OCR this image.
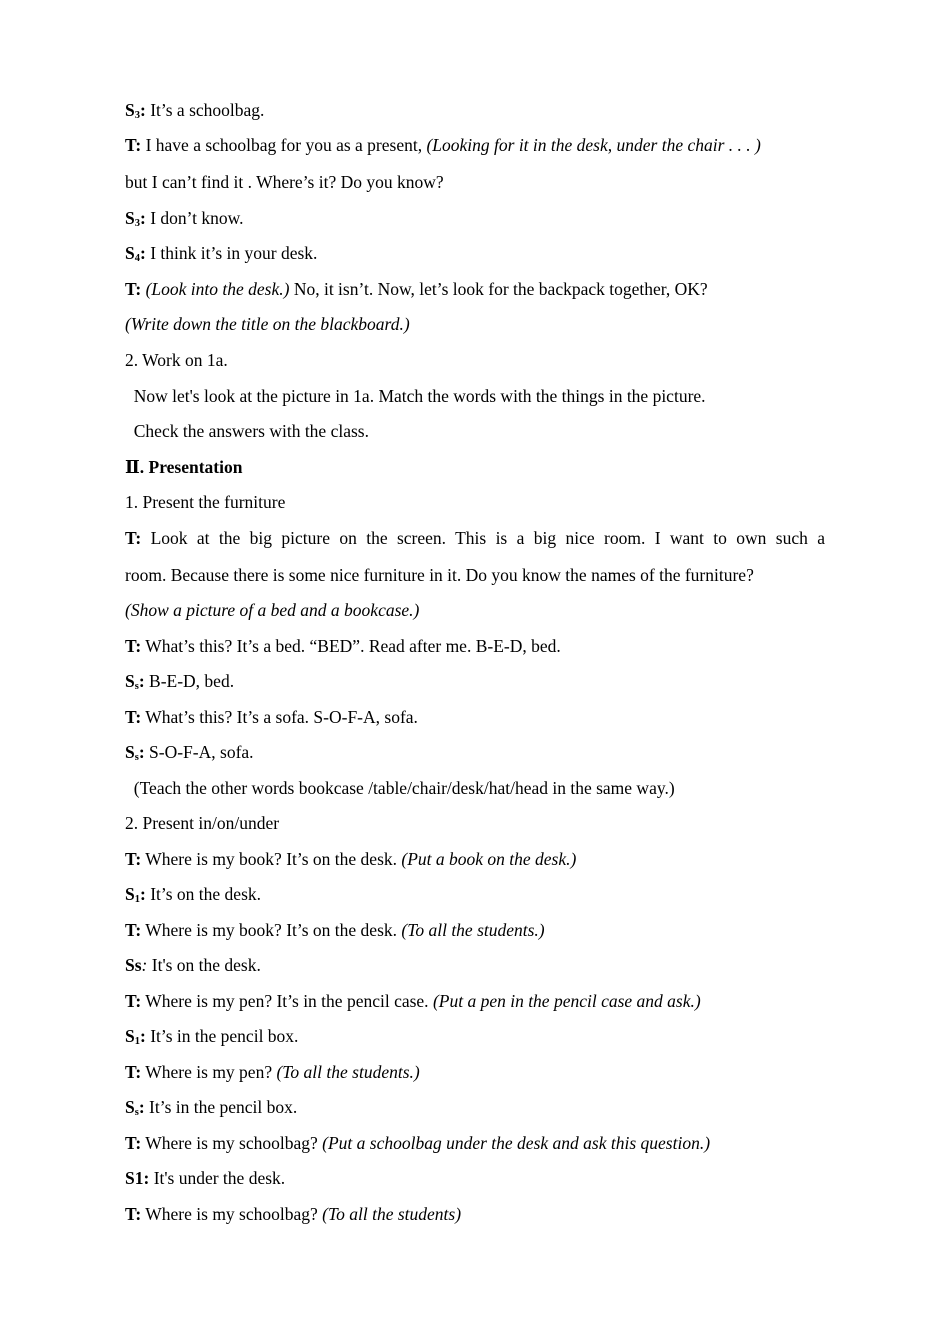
S3: It’s a schoolbag.
T: I have a schoolbag for you as a present, (Looking for it in the desk, under the chair . . . )
but I can’t find it . Where’s it? Do you know?
S3: I don’t know.
S4: I think it’s in your desk.
T: (Look into the desk.) No, it isn’t. Now, let’s look for the backpack together, OK?
(Write down the title on the blackboard.)
2. Work on 1a.
Now let's look at the picture in 1a. Match the words with the things in the picture.
Check the answers with the class.
Ⅱ. Presentation
1. Present the furniture
T: Look at the big picture on the screen. This is a big nice room. I want to own such a
room. Because there is some nice furniture in it. Do you know the names of the furniture?
(Show a picture of a bed and a bookcase.)
T: What’s this? It’s a bed. “BED”. Read after me. B-E-D, bed.
Ss: B-E-D, bed.
T: What’s this? It’s a sofa. S-O-F-A, sofa.
Ss: S-O-F-A, sofa.
(Teach the other words bookcase /table/chair/desk/hat/head in the same way.)
2. Present in/on/under
T: Where is my book? It’s on the desk. (Put a book on the desk.)
S1: It’s on the desk.
T: Where is my book? It’s on the desk. (To all the students.)
Ss: It's on the desk.
T: Where is my pen? It’s in the pencil case. (Put a pen in the pencil case and ask.)
S1: It’s in the pencil box.
T: Where is my pen? (To all the students.)
Ss: It’s in the pencil box.
T: Where is my schoolbag? (Put a schoolbag under the desk and ask this question.)
S1: It's under the desk.
T: Where is my schoolbag? (To all the students)
